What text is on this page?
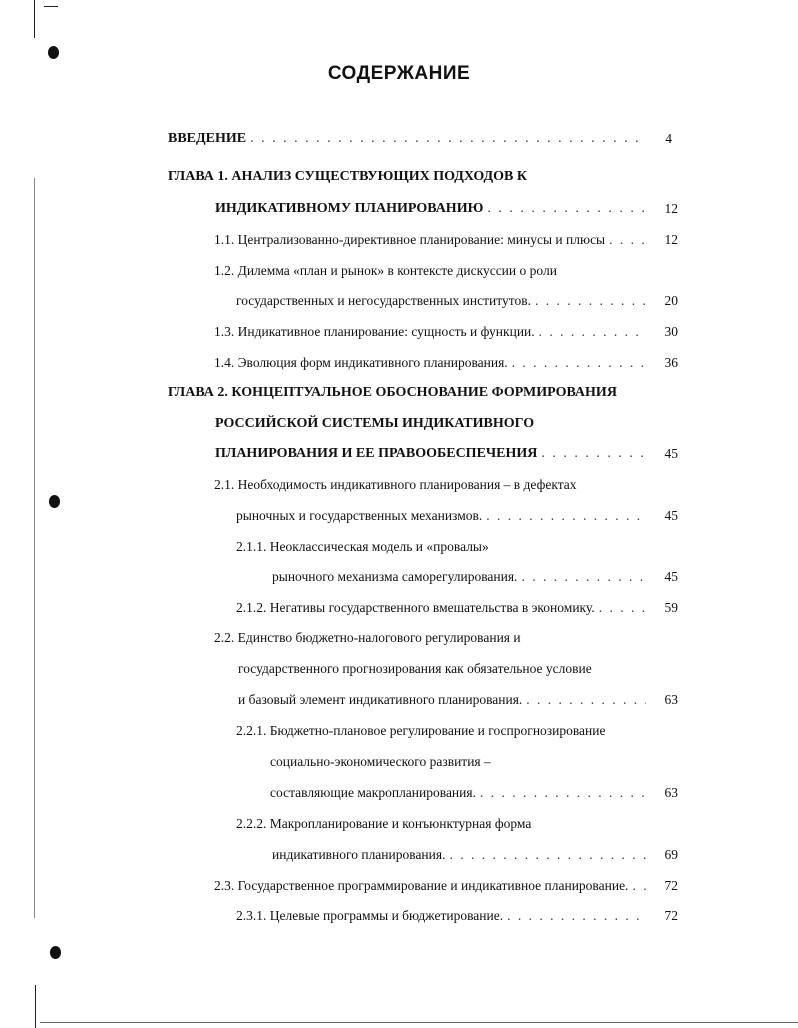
СОДЕРЖАНИЕ
ВВЕДЕНИЕ . . .	4
ГЛАВА 1. АНАЛИЗ СУЩЕСТВУЮЩИХ ПОДХОДОВ К
ИНДИКАТИВНОМУ ПЛАНИРОВАНИЮ . . .	12
1.1. Централизованно-директивное планирование: минусы и плюсы . . .	12
1.2. Дилемма «план и рынок» в контексте дискуссии о роли
государственных и негосударственных институтов. . . .	20
1.3. Индикативное планирование: сущность и функции. . . .	30
1.4. Эволюция форм индикативного планирования. . . .	36
ГЛАВА 2. КОНЦЕПТУАЛЬНОЕ ОБОСНОВАНИЕ ФОРМИРОВАНИЯ
РОССИЙСКОЙ СИСТЕМЫ ИНДИКАТИВНОГО
ПЛАНИРОВАНИЯ И ЕЕ ПРАВООБЕСПЕЧЕНИЯ . . .	45
2.1. Необходимость индикативного планирования – в дефектах
рыночных и государственных механизмов. . . .	45
2.1.1. Неоклассическая модель и «провалы»
рыночного механизма саморегулирования. . . .	45
2.1.2. Негативы государственного вмешательства в экономику. . . .	59
2.2. Единство бюджетно-налогового регулирования и
государственного прогнозирования как обязательное условие
и базовый элемент индикативного планирования. . . .	63
2.2.1. Бюджетно-плановое регулирование и госпрогнозирование
социально-экономического развития –
составляющие макропланирования. . . .	63
2.2.2. Макропланирование и конъюнктурная форма
индикативного планирования. . . .	69
2.3. Государственное программирование и индикативное планирование. . . .	72
2.3.1. Целевые программы и бюджетирование. . . .	72
